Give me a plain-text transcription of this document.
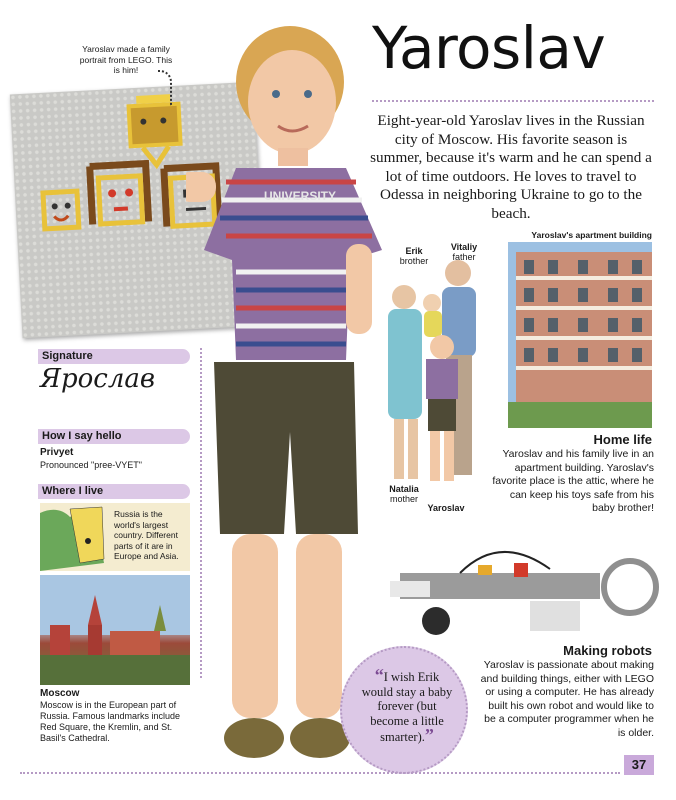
Yaroslav
Eight-year-old Yaroslav lives in the Russian city of Moscow. His favorite season is summer, because it's warm and he can spend a lot of time outdoors. He loves to travel to Odessa in neighboring Ukraine to go to the beach.
Yaroslav made a family portrait from LEGO. This is him!
UNIVERSITY
Signature
Ярослав
How I say hello
Privyet
Pronounced "pree-VYET"
Where I live
Russia is the world's largest country. Different parts of it are in Europe and Asia.
Moscow
Moscow is in the European part of Russia. Famous landmarks include Red Square, the Kremlin, and St. Basil's Cathedral.
Erik
brother
Vitaliy
father
Natalia
mother
Yaroslav
Yaroslav's apartment building
Home life
Yaroslav and his family live in an apartment building. Yaroslav's favorite place is the attic, where he can keep his toys safe from his baby brother!
Making robots
Yaroslav is passionate about making and building things, either with LEGO or using a computer. He has already built his own robot and would like to be a computer programmer when he is older.
“I wish Erik would stay a baby forever (but become a little smarter).”
37
